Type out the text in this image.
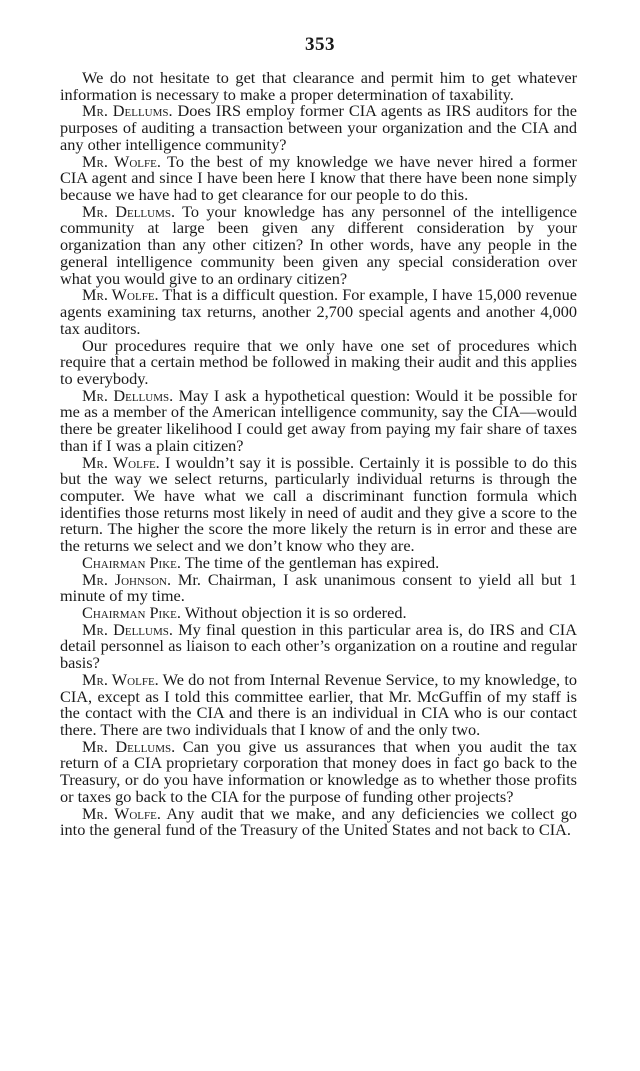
353

We do not hesitate to get that clearance and permit him to get whatever information is necessary to make a proper determination of taxability.

Mr. Dellums. Does IRS employ former CIA agents as IRS auditors for the purposes of auditing a transaction between your organization and the CIA and any other intelligence community?

Mr. Wolfe. To the best of my knowledge we have never hired a former CIA agent and since I have been here I know that there have been none simply because we have had to get clearance for our people to do this.

Mr. Dellums. To your knowledge has any personnel of the intelligence community at large been given any different consideration by your organization than any other citizen? In other words, have any people in the general intelligence community been given any special consideration over what you would give to an ordinary citizen?

Mr. Wolfe. That is a difficult question. For example, I have 15,000 revenue agents examining tax returns, another 2,700 special agents and another 4,000 tax auditors.

Our procedures require that we only have one set of procedures which require that a certain method be followed in making their audit and this applies to everybody.

Mr. Dellums. May I ask a hypothetical question: Would it be possible for me as a member of the American intelligence community, say the CIA—would there be greater likelihood I could get away from paying my fair share of taxes than if I was a plain citizen?

Mr. Wolfe. I wouldn’t say it is possible. Certainly it is possible to do this but the way we select returns, particularly individual returns is through the computer. We have what we call a discriminant function formula which identifies those returns most likely in need of audit and they give a score to the return. The higher the score the more likely the return is in error and these are the returns we select and we don’t know who they are.

Chairman Pike. The time of the gentleman has expired.

Mr. Johnson. Mr. Chairman, I ask unanimous consent to yield all but 1 minute of my time.

Chairman Pike. Without objection it is so ordered.

Mr. Dellums. My final question in this particular area is, do IRS and CIA detail personnel as liaison to each other’s organization on a routine and regular basis?

Mr. Wolfe. We do not from Internal Revenue Service, to my knowledge, to CIA, except as I told this committee earlier, that Mr. McGuffin of my staff is the contact with the CIA and there is an individual in CIA who is our contact there. There are two individuals that I know of and the only two.

Mr. Dellums. Can you give us assurances that when you audit the tax return of a CIA proprietary corporation that money does in fact go back to the Treasury, or do you have information or knowledge as to whether those profits or taxes go back to the CIA for the purpose of funding other projects?

Mr. Wolfe. Any audit that we make, and any deficiencies we collect go into the general fund of the Treasury of the United States and not back to CIA.
